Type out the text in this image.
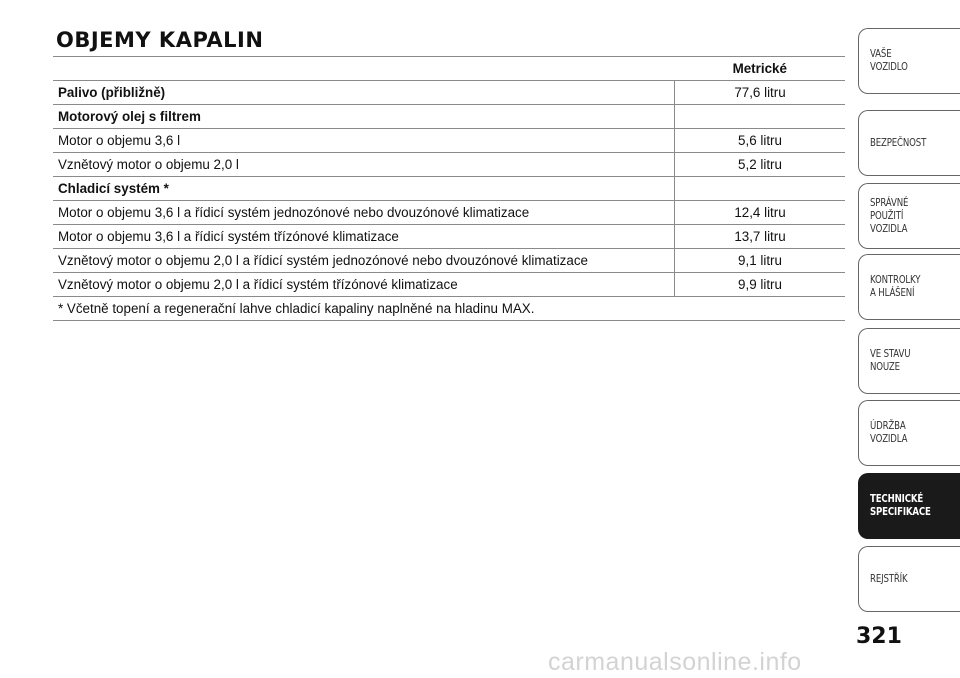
OBJEMY KAPALIN
	Metrické
Palivo (přibližně)	77,6 litru
Motorový olej s filtrem	
Motor o objemu 3,6 l	5,6 litru
Vznětový motor o objemu 2,0 l	5,2 litru
Chladicí systém *	
Motor o objemu 3,6 l a řídicí systém jednozónové nebo dvouzónové klimatizace	12,4 litru
Motor o objemu 3,6 l a řídicí systém třízónové klimatizace	13,7 litru
Vznětový motor o objemu 2,0 l a řídicí systém jednozónové nebo dvouzónové klimatizace	9,1 litru
Vznětový motor o objemu 2,0 l a řídicí systém třízónové klimatizace	9,9 litru
* Včetně topení a regenerační lahve chladicí kapaliny naplněné na hladinu MAX.	
VAŠE
VOZIDLO
BEZPEČNOST
SPRÁVNÉ
POUŽITÍ
VOZIDLA
KONTROLKY
A HLÁŠENÍ
VE STAVU
NOUZE
ÚDRŽBA
VOZIDLA
TECHNICKÉ
SPECIFIKACE
REJSTŘÍK
321
carmanualsonline.info
